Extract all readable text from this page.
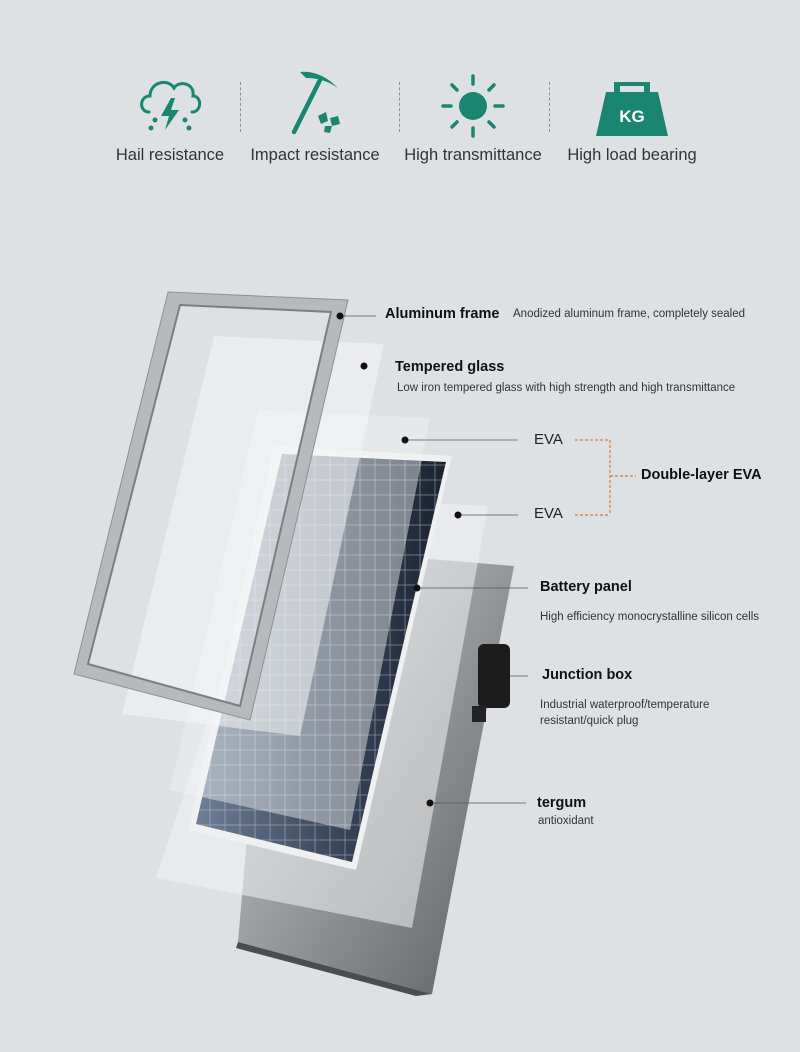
Hail resistance	Impact resistance High transmittance
KG
High load bearing
Aluminum frame Anodized aluminum frame, completely sealed
Tempered glass
Low iron tempered glass with high strength and high transmittance
EVA
EVA
Double-layer EVA
Battery panel
High efficiency monocrystalline silicon cells
Junction box
Industrial waterproof/temperature
resistant/quick plug
tergum
antioxidant
